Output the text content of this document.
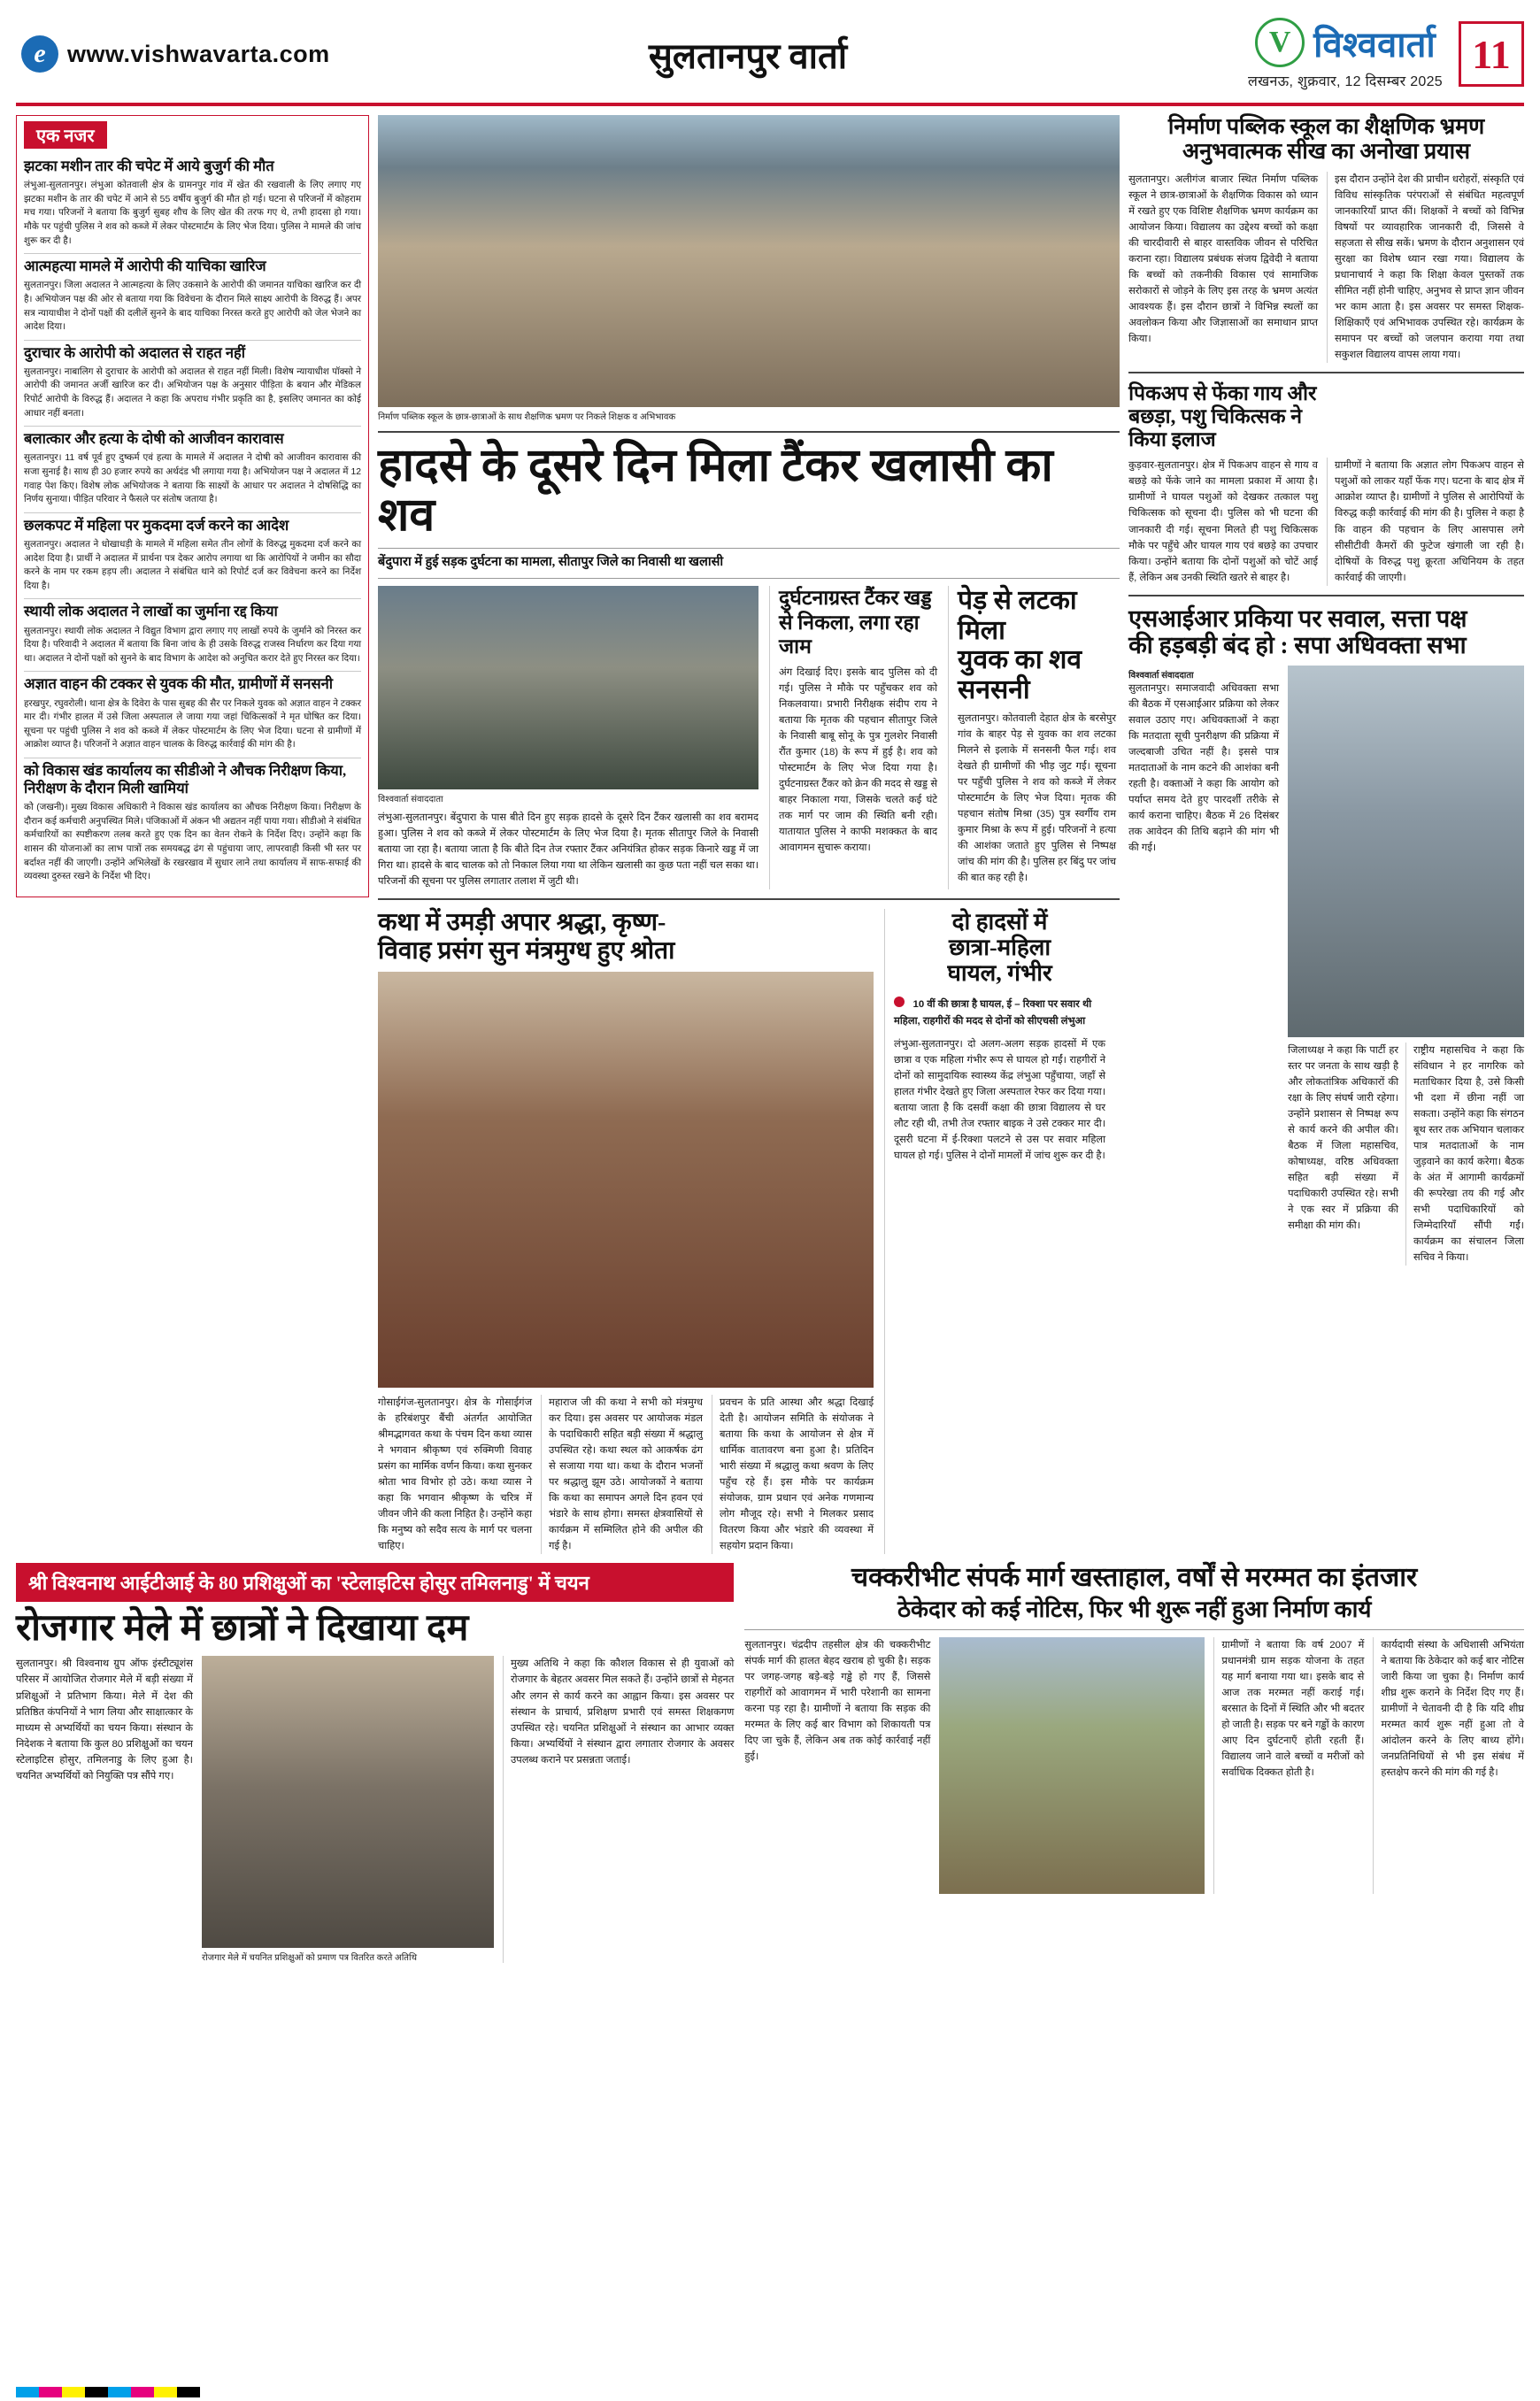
e www.vishwavarta.com	सुलतानपुर वार्ता	V विश्ववार्ता
लखनऊ, शुक्रवार, 12 दिसम्बर 2025
11
एक नजर
झटका मशीन तार की चपेट में आये बुजुर्ग की मौत
लंभुआ-सुलतानपुर। लंभुआ कोतवाली क्षेत्र के ग्रामनपुर गांव में खेत की रखवाली के लिए लगाए गए झटका मशीन के तार की चपेट में आने से 55 वर्षीय बुजुर्ग की मौत हो गई। घटना से परिजनों में कोहराम मच गया। परिजनों ने बताया कि बुजुर्ग सुबह शौच के लिए खेत की तरफ गए थे, तभी हादसा हो गया। मौके पर पहुंची पुलिस ने शव को कब्जे में लेकर पोस्टमार्टम के लिए भेज दिया। पुलिस ने मामले की जांच शुरू कर दी है।
आत्महत्या मामले में आरोपी की याचिका खारिज
सुलतानपुर। जिला अदालत ने आत्महत्या के लिए उकसाने के आरोपी की जमानत याचिका खारिज कर दी है। अभियोजन पक्ष की ओर से बताया गया कि विवेचना के दौरान मिले साक्ष्य आरोपी के विरुद्ध हैं। अपर सत्र न्यायाधीश ने दोनों पक्षों की दलीलें सुनने के बाद याचिका निरस्त करते हुए आरोपी को जेल भेजने का आदेश दिया।
दुराचार के आरोपी को अदालत से राहत नहीं
सुलतानपुर। नाबालिग से दुराचार के आरोपी को अदालत से राहत नहीं मिली। विशेष न्यायाधीश पॉक्सो ने आरोपी की जमानत अर्जी खारिज कर दी। अभियोजन पक्ष के अनुसार पीड़िता के बयान और मेडिकल रिपोर्ट आरोपी के विरुद्ध हैं। अदालत ने कहा कि अपराध गंभीर प्रकृति का है, इसलिए जमानत का कोई आधार नहीं बनता।
बलात्कार और हत्या के दोषी को आजीवन कारावास
सुलतानपुर। 11 वर्ष पूर्व हुए दुष्कर्म एवं हत्या के मामले में अदालत ने दोषी को आजीवन कारावास की सजा सुनाई है। साथ ही 30 हजार रुपये का अर्थदंड भी लगाया गया है। अभियोजन पक्ष ने अदालत में 12 गवाह पेश किए। विशेष लोक अभियोजक ने बताया कि साक्ष्यों के आधार पर अदालत ने दोषसिद्धि का निर्णय सुनाया। पीड़ित परिवार ने फैसले पर संतोष जताया है।
छलकपट में महिला पर मुकदमा दर्ज करने का आदेश
सुलतानपुर। अदालत ने धोखाधड़ी के मामले में महिला समेत तीन लोगों के विरुद्ध मुकदमा दर्ज करने का आदेश दिया है। प्रार्थी ने अदालत में प्रार्थना पत्र देकर आरोप लगाया था कि आरोपियों ने जमीन का सौदा करने के नाम पर रकम हड़प ली। अदालत ने संबंधित थाने को रिपोर्ट दर्ज कर विवेचना करने का निर्देश दिया है।
स्थायी लोक अदालत ने लाखों का जुर्माना रद्द किया
सुलतानपुर। स्थायी लोक अदालत ने विद्युत विभाग द्वारा लगाए गए लाखों रुपये के जुर्माने को निरस्त कर दिया है। परिवादी ने अदालत में बताया कि बिना जांच के ही उसके विरुद्ध राजस्व निर्धारण कर दिया गया था। अदालत ने दोनों पक्षों को सुनने के बाद विभाग के आदेश को अनुचित करार देते हुए निरस्त कर दिया।
अज्ञात वाहन की टक्कर से युवक की मौत, ग्रामीणों में सनसनी
हरखपुर, रघुवरोली। थाना क्षेत्र के दिवेरा के पास सुबह की सैर पर निकले युवक को अज्ञात वाहन ने टक्कर मार दी। गंभीर हालत में उसे जिला अस्पताल ले जाया गया जहां चिकित्सकों ने मृत घोषित कर दिया। सूचना पर पहुंची पुलिस ने शव को कब्जे में लेकर पोस्टमार्टम के लिए भेज दिया। घटना से ग्रामीणों में आक्रोश व्याप्त है। परिजनों ने अज्ञात वाहन चालक के विरुद्ध कार्रवाई की मांग की है।
कोे विकास खंड कार्यालय का सीडीओ ने औचक निरीक्षण किया, निरीक्षण के दौरान मिली खामियां
कोे (जखनी)। मुख्य विकास अधिकारी ने विकास खंड कार्यालय का औचक निरीक्षण किया। निरीक्षण के दौरान कई कर्मचारी अनुपस्थित मिले। पंजिकाओं में अंकन भी अद्यतन नहीं पाया गया। सीडीओ ने संबंधित कर्मचारियों का स्पष्टीकरण तलब करते हुए एक दिन का वेतन रोकने के निर्देश दिए। उन्होंने कहा कि शासन की योजनाओं का लाभ पात्रों तक समयबद्ध ढंग से पहुंचाया जाए, लापरवाही किसी भी स्तर पर बर्दाश्त नहीं की जाएगी। उन्होंने अभिलेखों के रखरखाव में सुधार लाने तथा कार्यालय में साफ-सफाई की व्यवस्था दुरुस्त रखने के निर्देश भी दिए।
निर्माण पब्लिक स्कूल के छात्र-छात्राओं के साथ शैक्षणिक भ्रमण पर निकले शिक्षक व अभिभावक
हादसे के दूसरे दिन मिला टैंकर खलासी का शव
बेंदुपारा में हुई सड़क दुर्घटना का मामला, सीतापुर जिले का निवासी था खलासी
विश्ववार्ता संवाददाता
लंभुआ-सुलतानपुर। बेंदुपारा के पास बीते दिन हुए सड़क हादसे के दूसरे दिन टैंकर खलासी का शव बरामद हुआ। पुलिस ने शव को कब्जे में लेकर पोस्टमार्टम के लिए भेज दिया है। मृतक सीतापुर जिले के निवासी बताया जा रहा है। बताया जाता है कि बीते दिन तेज रफ्तार टैंकर अनियंत्रित होकर सड़क किनारे खड्ड में जा गिरा था। हादसे के बाद चालक को तो निकाल लिया गया था लेकिन खलासी का कुछ पता नहीं चल सका था। परिजनों की सूचना पर पुलिस लगातार तलाश में जुटी थी।
दुर्घटनाग्रस्त टैंकर खड्ड से निकला, लगा रहा जाम
अंग दिखाई दिए। इसके बाद पुलिस को दी गई। पुलिस ने मौके पर पहुँचकर शव को निकलवाया। प्रभारी निरीक्षक संदीप राय ने बताया कि मृतक की पहचान सीतापुर जिले के निवासी बाबू सोनू के पुत्र गुलशेर निवासी रौंत कुमार (18) के रूप में हुई है। शव को पोस्टमार्टम के लिए भेज दिया गया है। दुर्घटनाग्रस्त टैंकर को क्रेन की मदद से खड्ड से बाहर निकाला गया, जिसके चलते कई घंटे तक मार्ग पर जाम की स्थिति बनी रही। यातायात पुलिस ने काफी मशक्कत के बाद आवागमन सुचारू कराया।
पेड़ से लटका मिला
युवक का शव
सनसनी
सुलतानपुर। कोतवाली देहात क्षेत्र के बरसेपुर गांव के बाहर पेड़ से युवक का शव लटका मिलने से इलाके में सनसनी फैल गई। शव देखते ही ग्रामीणों की भीड़ जुट गई। सूचना पर पहुँची पुलिस ने शव को कब्जे में लेकर पोस्टमार्टम के लिए भेज दिया। मृतक की पहचान संतोष मिश्रा (35) पुत्र स्वर्गीय राम कुमार मिश्रा के रूप में हुई। परिजनों ने हत्या की आशंका जताते हुए पुलिस से निष्पक्ष जांच की मांग की है। पुलिस हर बिंदु पर जांच की बात कह रही है।
कथा में उमड़ी अपार श्रद्धा, कृष्ण-
विवाह प्रसंग सुन मंत्रमुग्ध हुए श्रोता
गोसाईगंज-सुलतानपुर। क्षेत्र के गोसाईगंज के हरिबंशपुर बैंची अंतर्गत आयोजित श्रीमद्भागवत कथा के पंचम दिन कथा व्यास ने भगवान श्रीकृष्ण एवं रुक्मिणी विवाह प्रसंग का मार्मिक वर्णन किया। कथा सुनकर श्रोता भाव विभोर हो उठे। कथा व्यास ने कहा कि भगवान श्रीकृष्ण के चरित्र में जीवन जीने की कला निहित है। उन्होंने कहा कि मनुष्य को सदैव सत्य के मार्ग पर चलना चाहिए।
महाराज जी की कथा ने सभी को मंत्रमुग्ध कर दिया। इस अवसर पर आयोजक मंडल के पदाधिकारी सहित बड़ी संख्या में श्रद्धालु उपस्थित रहे। कथा स्थल को आकर्षक ढंग से सजाया गया था। कथा के दौरान भजनों पर श्रद्धालु झूम उठे। आयोजकों ने बताया कि कथा का समापन अगले दिन हवन एवं भंडारे के साथ होगा। समस्त क्षेत्रवासियों से कार्यक्रम में सम्मिलित होने की अपील की गई है।
प्रवचन के प्रति आस्था और श्रद्धा दिखाई देती है। आयोजन समिति के संयोजक ने बताया कि कथा के आयोजन से क्षेत्र में धार्मिक वातावरण बना हुआ है। प्रतिदिन भारी संख्या में श्रद्धालु कथा श्रवण के लिए पहुँच रहे हैं। इस मौके पर कार्यक्रम संयोजक, ग्राम प्रधान एवं अनेक गणमान्य लोग मौजूद रहे। सभी ने मिलकर प्रसाद वितरण किया और भंडारे की व्यवस्था में सहयोग प्रदान किया।
दो हादसों में
छात्रा-महिला
घायल, गंभीर
10 वीं की छात्रा है घायल, ई – रिक्शा पर सवार थी महिला, राहगीरों की मदद से दोनों को सीएचसी लंभुआ
लंभुआ-सुलतानपुर। दो अलग-अलग सड़क हादसों में एक छात्रा व एक महिला गंभीर रूप से घायल हो गईं। राहगीरों ने दोनों को सामुदायिक स्वास्थ्य केंद्र लंभुआ पहुँचाया, जहाँ से हालत गंभीर देखते हुए जिला अस्पताल रेफर कर दिया गया। बताया जाता है कि दसवीं कक्षा की छात्रा विद्यालय से घर लौट रही थी, तभी तेज रफ्तार बाइक ने उसे टक्कर मार दी। दूसरी घटना में ई-रिक्शा पलटने से उस पर सवार महिला घायल हो गई। पुलिस ने दोनों मामलों में जांच शुरू कर दी है।
निर्माण पब्लिक स्कूल का शैक्षणिक भ्रमण
अनुभवात्मक सीख का अनोखा प्रयास
सुलतानपुर। अलीगंज बाजार स्थित निर्माण पब्लिक स्कूल ने छात्र-छात्राओं के शैक्षणिक विकास को ध्यान में रखते हुए एक विशिष्ट शैक्षणिक भ्रमण कार्यक्रम का आयोजन किया। विद्यालय का उद्देश्य बच्चों को कक्षा की चारदीवारी से बाहर वास्तविक जीवन से परिचित कराना रहा। विद्यालय प्रबंधक संजय द्विवेदी ने बताया कि बच्चों को तकनीकी विकास एवं सामाजिक सरोकारों से जोड़ने के लिए इस तरह के भ्रमण अत्यंत आवश्यक हैं। इस दौरान छात्रों ने विभिन्न स्थलों का अवलोकन किया और जिज्ञासाओं का समाधान प्राप्त किया।
इस दौरान उन्होंने देश की प्राचीन धरोहरों, संस्कृति एवं विविध सांस्कृतिक परंपराओं से संबंधित महत्वपूर्ण जानकारियाँ प्राप्त कीं। शिक्षकों ने बच्चों को विभिन्न विषयों पर व्यावहारिक जानकारी दी, जिससे वे सहजता से सीख सकें। भ्रमण के दौरान अनुशासन एवं सुरक्षा का विशेष ध्यान रखा गया। विद्यालय के प्रधानाचार्य ने कहा कि शिक्षा केवल पुस्तकों तक सीमित नहीं होनी चाहिए, अनुभव से प्राप्त ज्ञान जीवन भर काम आता है। इस अवसर पर समस्त शिक्षक-शिक्षिकाएँ एवं अभिभावक उपस्थित रहे। कार्यक्रम के समापन पर बच्चों को जलपान कराया गया तथा सकुशल विद्यालय वापस लाया गया।
पिकअप से फेंका गाय और
बछड़ा, पशु चिकित्सक ने
किया इलाज
कुड़वार-सुलतानपुर। क्षेत्र में पिकअप वाहन से गाय व बछड़े को फेंके जाने का मामला प्रकाश में आया है। ग्रामीणों ने घायल पशुओं को देखकर तत्काल पशु चिकित्सक को सूचना दी। पुलिस को भी घटना की जानकारी दी गई। सूचना मिलते ही पशु चिकित्सक मौके पर पहुँचे और घायल गाय एवं बछड़े का उपचार किया। उन्होंने बताया कि दोनों पशुओं को चोटें आई हैं, लेकिन अब उनकी स्थिति खतरे से बाहर है।
ग्रामीणों ने बताया कि अज्ञात लोग पिकअप वाहन से पशुओं को लाकर यहाँ फेंक गए। घटना के बाद क्षेत्र में आक्रोश व्याप्त है। ग्रामीणों ने पुलिस से आरोपियों के विरुद्ध कड़ी कार्रवाई की मांग की है। पुलिस ने कहा है कि वाहन की पहचान के लिए आसपास लगे सीसीटीवी कैमरों की फुटेज खंगाली जा रही है। दोषियों के विरुद्ध पशु क्रूरता अधिनियम के तहत कार्रवाई की जाएगी।
एसआईआर प्रकिया पर सवाल, सत्ता पक्ष
की हड़बड़ी बंद हो : सपा अधिवक्ता सभा
विश्ववार्ता संवाददाता
सुलतानपुर। समाजवादी अधिवक्ता सभा की बैठक में एसआईआर प्रक्रिया को लेकर सवाल उठाए गए। अधिवक्ताओं ने कहा कि मतदाता सूची पुनरीक्षण की प्रक्रिया में जल्दबाजी उचित नहीं है। इससे पात्र मतदाताओं के नाम कटने की आशंका बनी रहती है। वक्ताओं ने कहा कि आयोग को पर्याप्त समय देते हुए पारदर्शी तरीके से कार्य कराना चाहिए। बैठक में 26 दिसंबर तक आवेदन की तिथि बढ़ाने की मांग भी की गई।
जिलाध्यक्ष ने कहा कि पार्टी हर स्तर पर जनता के साथ खड़ी है और लोकतांत्रिक अधिकारों की रक्षा के लिए संघर्ष जारी रहेगा। उन्होंने प्रशासन से निष्पक्ष रूप से कार्य करने की अपील की। बैठक में जिला महासचिव, कोषाध्यक्ष, वरिष्ठ अधिवक्ता सहित बड़ी संख्या में पदाधिकारी उपस्थित रहे। सभी ने एक स्वर में प्रक्रिया की समीक्षा की मांग की।
राष्ट्रीय महासचिव ने कहा कि संविधान ने हर नागरिक को मताधिकार दिया है, उसे किसी भी दशा में छीना नहीं जा सकता। उन्होंने कहा कि संगठन बूथ स्तर तक अभियान चलाकर पात्र मतदाताओं के नाम जुड़वाने का कार्य करेगा। बैठक के अंत में आगामी कार्यक्रमों की रूपरेखा तय की गई और सभी पदाधिकारियों को जिम्मेदारियाँ सौंपी गईं। कार्यक्रम का संचालन जिला सचिव ने किया।
श्री विश्वनाथ आईटीआई के 80 प्रशिक्षुओं का 'स्टेलाइटिस होसुर तमिलनाडु' में चयन
रोजगार मेले में छात्रों ने दिखाया दम
सुलतानपुर। श्री विश्वनाथ ग्रुप ऑफ इंस्टीट्यूशंस परिसर में आयोजित रोजगार मेले में बड़ी संख्या में प्रशिक्षुओं ने प्रतिभाग किया। मेले में देश की प्रतिष्ठित कंपनियों ने भाग लिया और साक्षात्कार के माध्यम से अभ्यर्थियों का चयन किया। संस्थान के निदेशक ने बताया कि कुल 80 प्रशिक्षुओं का चयन स्टेलाइटिस होसुर, तमिलनाडु के लिए हुआ है। चयनित अभ्यर्थियों को नियुक्ति पत्र सौंपे गए।
रोजगार मेले में चयनित प्रशिक्षुओं को प्रमाण पत्र वितरित करते अतिथि
मुख्य अतिथि ने कहा कि कौशल विकास से ही युवाओं को रोजगार के बेहतर अवसर मिल सकते हैं। उन्होंने छात्रों से मेहनत और लगन से कार्य करने का आह्वान किया। इस अवसर पर संस्थान के प्राचार्य, प्रशिक्षण प्रभारी एवं समस्त शिक्षकगण उपस्थित रहे। चयनित प्रशिक्षुओं ने संस्थान का आभार व्यक्त किया। अभ्यर्थियों ने संस्थान द्वारा लगातार रोजगार के अवसर उपलब्ध कराने पर प्रसन्नता जताई।
चक्करीभीट संपर्क मार्ग खस्ताहाल, वर्षों से मरम्मत का इंतजार
ठेकेदार को कई नोटिस, फिर भी शुरू नहीं हुआ निर्माण कार्य
सुलतानपुर। चंद्रदीप तहसील क्षेत्र की चक्करीभीट संपर्क मार्ग की हालत बेहद खराब हो चुकी है। सड़क पर जगह-जगह बड़े-बड़े गड्ढे हो गए हैं, जिससे राहगीरों को आवागमन में भारी परेशानी का सामना करना पड़ रहा है। ग्रामीणों ने बताया कि सड़क की मरम्मत के लिए कई बार विभाग को शिकायती पत्र दिए जा चुके हैं, लेकिन अब तक कोई कार्रवाई नहीं हुई।
ग्रामीणों ने बताया कि वर्ष 2007 में प्रधानमंत्री ग्राम सड़क योजना के तहत यह मार्ग बनाया गया था। इसके बाद से आज तक मरम्मत नहीं कराई गई। बरसात के दिनों में स्थिति और भी बदतर हो जाती है। सड़क पर बने गड्ढों के कारण आए दिन दुर्घटनाएँ होती रहती हैं। विद्यालय जाने वाले बच्चों व मरीजों को सर्वाधिक दिक्कत होती है।
कार्यदायी संस्था के अधिशासी अभियंता ने बताया कि ठेकेदार को कई बार नोटिस जारी किया जा चुका है। निर्माण कार्य शीघ्र शुरू कराने के निर्देश दिए गए हैं। ग्रामीणों ने चेतावनी दी है कि यदि शीघ्र मरम्मत कार्य शुरू नहीं हुआ तो वे आंदोलन करने के लिए बाध्य होंगे। जनप्रतिनिधियों से भी इस संबंध में हस्तक्षेप करने की मांग की गई है।
